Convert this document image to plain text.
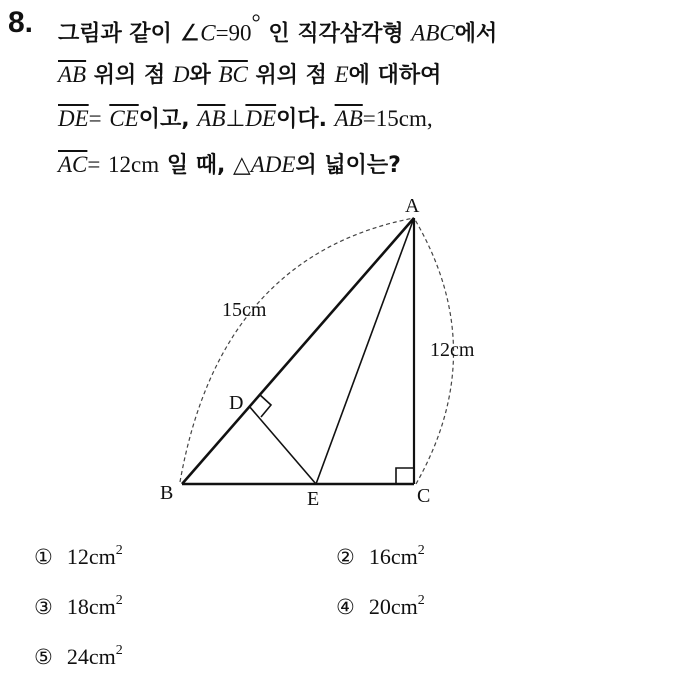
8. 그림과 같이 ∠C=90° 인 직각삼각형 ABC에서
$\overline{AB}$ 위의 점 D와 $\overline{BC}$ 위의 점 E에 대하여
$\overline{DE}= \overline{CE}$이고, $\overline{AB}\perp\overline{DE}$이다. $\overline{AB}=15cm$,
$\overline{AC}= 12cm$ 일 때, △ADE의 넓이는?
A
B	C
D
E
15cm
12cm
① $12cm^2$	② $16cm^2$
③ $18cm^2$	④ $20cm^2$
⑤ $24cm^2$
